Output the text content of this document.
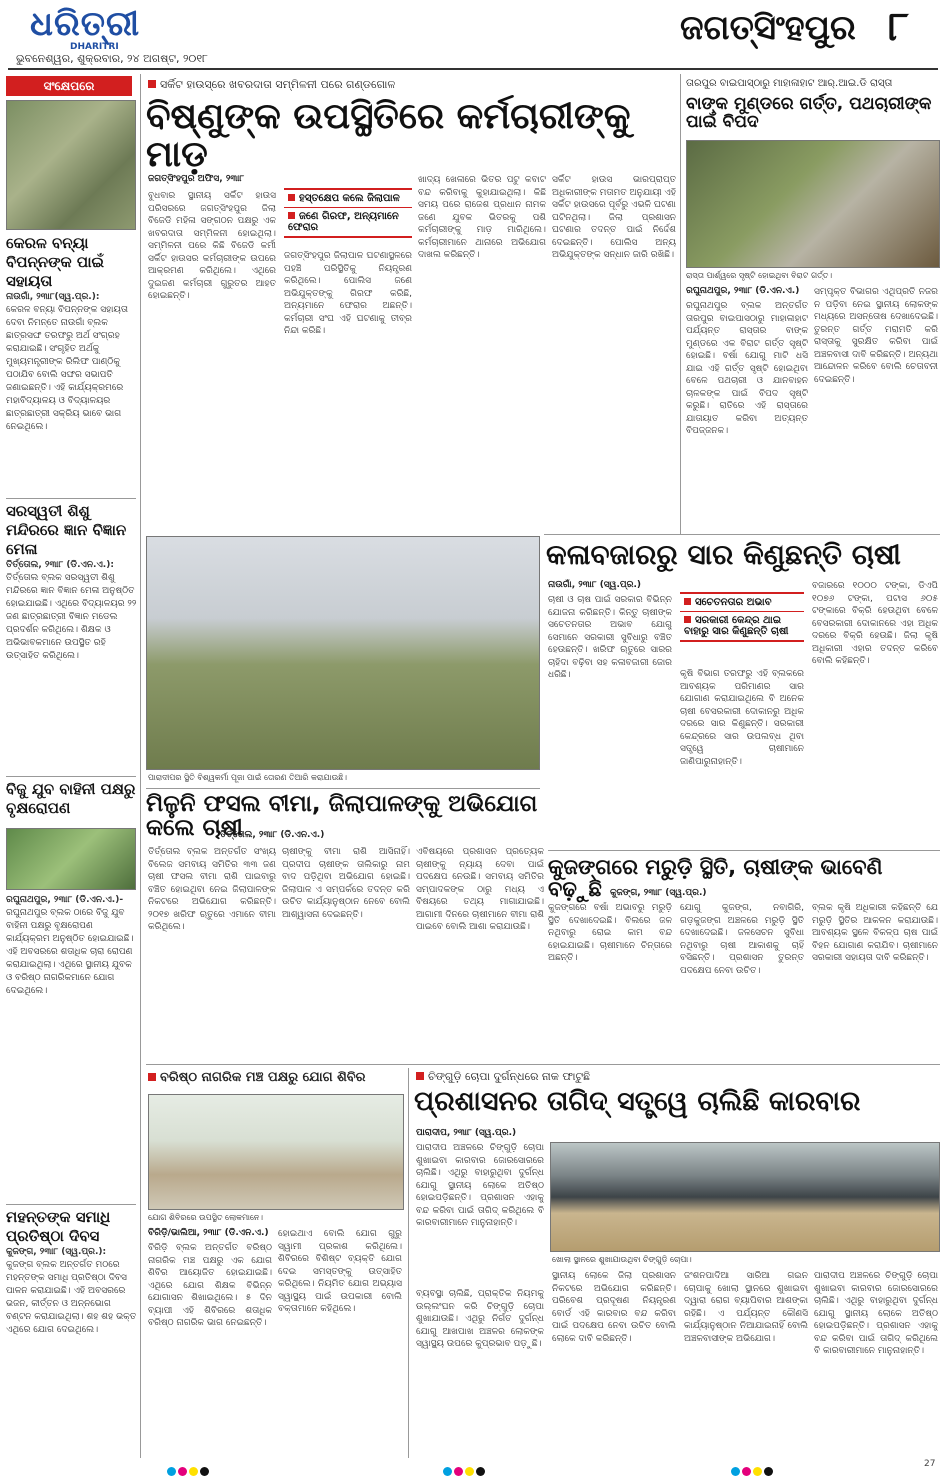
ଧରିତ୍ରୀ
DHARITRI
ଭୁବନେଶ୍ୱର, ଶୁକ୍ରବାର, ୨୪ ଅଗଷ୍ଟ, ୨୦୧୮
ଜଗତ୍‌ସିଂହପୁର ୮
ସଂକ୍ଷେପରେ
କେରଳ ବନ୍ୟା ବିପନ୍ନଙ୍କ ପାଇଁ ସହାୟତା
ନାଉଗାଁ, ୨୩ା୮(ସ୍ୱ.ପ୍ର.):
କେରଳ ବନ୍ୟା ବିପନ୍ନଙ୍କ ସହାୟତା ଦେବା ନିମନ୍ତେ ନାଉଗାଁ ବ୍ଲକ ଛାତ୍ରସଙ୍ଘ ତରଫରୁ ଅର୍ଥ ସଂଗ୍ରହ କରାଯାଇଛି। ସଂଗୃହିତ ଅର୍ଥକୁ ମୁଖ୍ୟମନ୍ତ୍ରୀଙ୍କ ରିଲିଫ ପାଣ୍ଠିକୁ ପଠାଯିବ ବୋଲି ସଙ୍ଘର ସଭାପତି ଜଣାଇଛନ୍ତି। ଏହି କାର୍ଯ୍ୟକ୍ରମରେ ମହାବିଦ୍ୟାଳୟ ଓ ବିଦ୍ୟାଳୟର ଛାତ୍ରଛାତ୍ରୀ ସକ୍ରିୟ ଭାବେ ଭାଗ ନେଇଥିଲେ।
ସରସ୍ୱତୀ ଶିଶୁ ମନ୍ଦିରରେ ଜ୍ଞାନ ବିଜ୍ଞାନ ମେଳା
ତିର୍ତ୍ତୋଲ, ୨୩ା୮ (ଡି.ଏନ.ଏ.):
ତିର୍ତ୍ତୋଲ ବ୍ଲକ ସରସ୍ୱତୀ ଶିଶୁ ମନ୍ଦିରରେ ଜ୍ଞାନ ବିଜ୍ଞାନ ମେଳା ଅନୁଷ୍ଠିତ ହୋଇଯାଇଛି। ଏଥିରେ ବିଦ୍ୟାଳୟର ୨୨ ଜଣ ଛାତ୍ରଛାତ୍ରୀ ବିଜ୍ଞାନ ମଡେଲ ପ୍ରଦର୍ଶନ କରିଥିଲେ। ଶିକ୍ଷକ ଓ ଅଭିଭାବକମାନେ ଉପସ୍ଥିତ ରହି ଉତ୍ସାହିତ କରିଥିଲେ।
ବିଜୁ ଯୁବ ବାହିନୀ ପକ୍ଷରୁ ବୃକ୍ଷରୋପଣ
ରଘୁନାଥପୁର, ୨୩ା୮ (ଡି.ଏନ.ଏ.)-
ରଘୁନାଥପୁର ବ୍ଲକ ଠାରେ ବିଜୁ ଯୁବ ବାହିନୀ ପକ୍ଷରୁ ବୃକ୍ଷରୋପଣ କାର୍ଯ୍ୟକ୍ରମ ଅନୁଷ୍ଠିତ ହୋଇଯାଇଛି। ଏହି ଅବସରରେ ଶତାଧିକ ଚାରା ରୋପଣ କରାଯାଇଥିଲା। ଏଥିରେ ସ୍ଥାନୀୟ ଯୁବକ ଓ ବରିଷ୍ଠ ନାଗରିକମାନେ ଯୋଗ ଦେଇଥିଲେ।
ମହନ୍ତଙ୍କ ସମାଧି ପ୍ରତିଷ୍ଠା ଦିବସ
କୁଜଙ୍ଗ, ୨୩ା୮ (ସ୍ୱ.ପ୍ର.):
କୁଜଙ୍ଗ ବ୍ଲକ ଅନ୍ତର୍ଗତ ମଠରେ ମହନ୍ତଙ୍କ ସମାଧି ପ୍ରତିଷ୍ଠା ଦିବସ ପାଳନ କରାଯାଇଛି। ଏହି ଅବସରରେ ଭଜନ, କୀର୍ତ୍ତନ ଓ ଅନ୍ନଭୋଗ ବଣ୍ଟନ କରାଯାଇଥିଲା। ଶହ ଶହ ଭକ୍ତ ଏଥିରେ ଯୋଗ ଦେଇଥିଲେ।
ସର୍କିଟ ହାଉସ୍‌ରେ ଖବରଦାତା ସମ୍ମିଳନୀ ପରେ ଗଣ୍ଡଗୋଳ
ବିଷ୍ଣୁଙ୍କ ଉପସ୍ଥିତିରେ କର୍ମଚାରୀଙ୍କୁ ମାଡ଼
ଜଗତ୍‌ସିଂହପୁର ଅଫିସ, ୨୩ା୮
ବୁଧବାର ସ୍ଥାନୀୟ ସର୍କିଟ ହାଉସ ପରିସରରେ ଜଗତ୍‌ସିଂହପୁର ଜିଲା ବିଜେଡି ମହିଳା ସଙ୍ଗଠନ ପକ୍ଷରୁ ଏକ ଖବରଦାତା ସମ୍ମିଳନୀ ହୋଇଥିଲା। ସମ୍ମିଳନୀ ପରେ କିଛି ବିଜେଡି କର୍ମୀ ସର୍କିଟ ହାଉସର କର୍ମଚାରୀଙ୍କ ଉପରେ ଆକ୍ରମଣ କରିଥିଲେ। ଏଥିରେ ଦୁଇଜଣ କର୍ମଚାରୀ ଗୁରୁତର ଆହତ ହୋଇଛନ୍ତି।
ହସ୍ତକ୍ଷେପ କଲେ ଜିଲାପାଳ
ଜଣେ ଗିରଫ, ଅନ୍ୟମାନେ ଫେରାର
ଜଗତ୍‌ସିଂହପୁର ଜିଲାପାଳ ଘଟଣାସ୍ଥଳରେ ପହଞ୍ଚି ପରିସ୍ଥିତିକୁ ନିୟନ୍ତ୍ରଣ କରିଥିଲେ। ପୋଲିସ ଜଣେ ଅଭିଯୁକ୍ତଙ୍କୁ ଗିରଫ କରିଛି, ଅନ୍ୟମାନେ ଫେରାର ଅଛନ୍ତି। କର୍ମଚାରୀ ସଂଘ ଏହି ଘଟଣାକୁ ତୀବ୍ର ନିନ୍ଦା କରିଛି।
ଖାଦ୍ୟ ଖେଳାରେ ଭିତର ପଟୁ କବାଟ ବନ୍ଦ କରିବାକୁ କୁହାଯାଇଥିଲା। କିଛି ସମୟ ପରେ ରାଜେଶ ପ୍ରଧାନ ନାମକ ଜଣେ ଯୁବକ ଭିତରକୁ ପଶି କର୍ମଚାରୀଙ୍କୁ ମାଡ଼ ମାରିଥିଲେ। କର୍ମଚାରୀମାନେ ଥାନାରେ ଅଭିଯୋଗ ଦାଖଲ କରିଛନ୍ତି।
ସର୍କିଟ ହାଉସ ଭାରପ୍ରାପ୍ତ ଅଧିକାରୀଙ୍କ ମତାମତ ଅନୁଯାୟୀ ଏହି ସର୍କିଟ ହାଉସରେ ପୂର୍ବରୁ ଏଭଳି ଘଟଣା ଘଟିନଥିଲା। ଜିଲା ପ୍ରଶାସନ ଘଟଣାର ତଦନ୍ତ ପାଇଁ ନିର୍ଦ୍ଦେଶ ଦେଇଛନ୍ତି। ପୋଲିସ ଅନ୍ୟ ଅଭିଯୁକ୍ତଙ୍କ ସନ୍ଧାନ ଜାରି ରଖିଛି।
ପାରାଦୀପର ସ୍ଥିତି ବିଶ୍ୱକର୍ମା ପୂଜା ପାଇଁ ତୋରଣ ତିଆରି କରାଯାଉଛି।
ତାରପୁର ବାଇପାସ୍‌ଠାରୁ ମାହାଳାହାଟ ଆର୍.ଆଇ.ଡି ରାସ୍ତା
ବାଙ୍କ ମୁଣ୍ଡରେ ଗର୍ତ୍ତ, ପଥଚାରୀଙ୍କ ପାଇଁ ବିପଦ
ରାସ୍ତା ପାର୍ଶ୍ୱରେ ସୃଷ୍ଟି ହୋଇଥିବା ବିରାଟ ଗର୍ତ୍ତ।
ରଘୁନାଥପୁର, ୨୩ା୮ (ଡି.ଏନ.ଏ.)
ରଘୁନାଥପୁର ବ୍ଲକ ଅନ୍ତର୍ଗତ ତାରପୁର ବାଇପାସଠାରୁ ମାହାଳାହାଟ ପର୍ଯ୍ୟନ୍ତ ରାସ୍ତାର ବାଙ୍କ ମୁଣ୍ଡରେ ଏକ ବିରାଟ ଗର୍ତ୍ତ ସୃଷ୍ଟି ହୋଇଛି। ବର୍ଷା ଯୋଗୁ ମାଟି ଧସି ଯାଇ ଏହି ଗର୍ତ୍ତ ସୃଷ୍ଟି ହୋଇଥିବା ବେଳେ ପଥଚାରୀ ଓ ଯାନବାହନ ଚାଳକଙ୍କ ପାଇଁ ବିପଦ ସୃଷ୍ଟି କରୁଛି। ରାତିରେ ଏହି ରାସ୍ତାରେ ଯାତାୟାତ କରିବା ଅତ୍ୟନ୍ତ ବିପଜ୍ଜନକ।
ସମ୍ପୃକ୍ତ ବିଭାଗର ଏଥିପ୍ରତି ନଜର ନ ପଡ଼ିବା ନେଇ ସ୍ଥାନୀୟ ଲୋକଙ୍କ ମଧ୍ୟରେ ଅସନ୍ତୋଷ ଦେଖାଦେଇଛି। ତୁରନ୍ତ ଗର୍ତ୍ତ ମରାମତି କରି ରାସ୍ତାକୁ ସୁରକ୍ଷିତ କରିବା ପାଇଁ ଅଞ୍ଚଳବାସୀ ଦାବି କରିଛନ୍ତି। ଅନ୍ୟଥା ଆନ୍ଦୋଳନ କରିବେ ବୋଲି ଚେତାବନୀ ଦେଇଛନ୍ତି।
କଳାବଜାରରୁ ସାର କିଣୁଛନ୍ତି ଚାଷୀ
ନାଉଗାଁ, ୨୩ା୮ (ସ୍ୱ.ପ୍ର.)
ଚାଷୀ ଓ ଚାଷ ପାଇଁ ସରକାର ବିଭିନ୍ନ ଯୋଜନା କରିଛନ୍ତି। କିନ୍ତୁ ଚାଷୀଙ୍କ ସଚେତନତାର ଅଭାବ ଯୋଗୁ ସେମାନେ ସରକାରୀ ସୁବିଧାରୁ ବଞ୍ଚିତ ହେଉଛନ୍ତି। ଖରିଫ ଋତୁରେ ସାରର ଚାହିଦା ବଢ଼ିବା ସହ କଳାବଜାରୀ ଜୋର ଧରିଛି।
ସଚେତନତାର ଅଭାବ
ସରକାରୀ କେନ୍ଦ୍ର ଥାଇ ବାହାରୁ ସାର କିଣୁଛନ୍ତି ଚାଷୀ
କୃଷି ବିଭାଗ ତରଫରୁ ଏହି ବ୍ଲକରେ ଆବଶ୍ୟକ ପରିମାଣର ସାର ଯୋଗାଣ କରାଯାଇଥିଲେ ବି ଅନେକ ଚାଷୀ ବେସରକାରୀ ଦୋକାନରୁ ଅଧିକ ଦରରେ ସାର କିଣୁଛନ୍ତି। ସରକାରୀ କେନ୍ଦ୍ରରେ ସାର ଉପଲବ୍ଧ ଥିବା ସତ୍ତ୍ୱେ ଚାଷୀମାନେ ଜାଣିପାରୁନାହାନ୍ତି।
ବଜାରରେ ୧୦୦୦ ଟଙ୍କା, ଡିଏପି ୧୦୭୬ ଟଙ୍କା, ପଟାସ ୬୦୫ ଟଙ୍କାରେ ବିକ୍ରି ହେଉଥିବା ବେଳେ ବେସରକାରୀ ଦୋକାନରେ ଏହା ଅଧିକ ଦରରେ ବିକ୍ରି ହେଉଛି। ଜିଲା କୃଷି ଅଧିକାରୀ ଏହାର ତଦନ୍ତ କରିବେ ବୋଲି କହିଛନ୍ତି।
ମିଳୁନି ଫସଲ ବୀମା, ଜିଲାପାଳଙ୍କୁ ଅଭିଯୋଗ କଲେ ଚାଷୀ
ତିର୍ତ୍ତୋଲ, ୨୩ା୮ (ଡି.ଏନ.ଏ.)
ତିର୍ତ୍ତୋଲ ବ୍ଲକ ଅନ୍ତର୍ଗତ ସଂଖ୍ୟ ବିଲେଜ ସମବାୟ ସମିତିର ୩୩ ଜଣ ଚାଷୀ ଫସଲ ବୀମା ରାଶି ପାଇବାରୁ ବଞ୍ଚିତ ହୋଇଥିବା ନେଇ ଜିଲାପାଳଙ୍କ ନିକଟରେ ଅଭିଯୋଗ କରିଛନ୍ତି। ୨୦୧୭ ଖରିଫ ଋତୁରେ ଏମାନେ ବୀମା କରିଥିଲେ।
ଚାଷୀଙ୍କୁ ବୀମା ରାଶି ଆସିନାହିଁ। ପ୍ରଦୀପ ଚାଷୀଙ୍କ ତାଲିକାରୁ ନାମ ବାଦ ପଡ଼ିଥିବା ଅଭିଯୋଗ ହୋଇଛି। ଜିଲାପାଳ ଏ ସମ୍ପର୍କରେ ତଦନ୍ତ କରି ଉଚିତ କାର୍ଯ୍ୟାନୁଷ୍ଠାନ ନେବେ ବୋଲି ଆଶ୍ୱାସନା ଦେଇଛନ୍ତି।
ଏବିଷୟରେ ପ୍ରଶାସନ ପ୍ରତ୍ୟେକ ଚାଷୀଙ୍କୁ ନ୍ୟାୟ ଦେବା ପାଇଁ ପଦକ୍ଷେପ ନେଉଛି। ସମବାୟ ସମିତିର ସମ୍ପାଦକଙ୍କ ଠାରୁ ମଧ୍ୟ ଏ ବିଷୟରେ ତଥ୍ୟ ମାଗାଯାଇଛି। ଆଗାମୀ ଦିନରେ ଚାଷୀମାନେ ବୀମା ରାଶି ପାଇବେ ବୋଲି ଆଶା କରାଯାଉଛି।
କୁଜଙ୍ଗରେ ମରୁଡ଼ି ସ୍ଥିତି, ଚାଷୀଙ୍କ ଭାବେଣି ବଢ଼ୁଛି କୁଜଙ୍ଗ, ୨୩ା୮ (ସ୍ୱ.ପ୍ର.)
କୁଜଙ୍ଗରେ ବର୍ଷା ଅଭାବରୁ ମରୁଡ଼ି ସ୍ଥିତି ଦେଖାଦେଇଛି। ବିଲରେ ଜଳ ନଥିବାରୁ ରୋଇ କାମ ବନ୍ଦ ହୋଇଯାଇଛି। ଚାଷୀମାନେ ଚିନ୍ତାରେ ଅଛନ୍ତି।
ଯୋଗୁ କୁଜଙ୍ଗ, ନବାଗିରି, ଗଡ଼କୁଜଙ୍ଗ ଅଞ୍ଚଳରେ ମରୁଡ଼ି ସ୍ଥିତି ଦେଖାଦେଇଛି। ଜଳସେଚନ ସୁବିଧା ନଥିବାରୁ ଚାଷୀ ଆକାଶକୁ ଚାହିଁ ବସିଛନ୍ତି। ପ୍ରଶାସନ ତୁରନ୍ତ ପଦକ୍ଷେପ ନେବା ଉଚିତ।
ବ୍ଲକ କୃଷି ଅଧିକାରୀ କହିଛନ୍ତି ଯେ ମରୁଡ଼ି ସ୍ଥିତିର ଆକଳନ କରାଯାଉଛି। ଆବଶ୍ୟକ ସ୍ଥଳେ ବିକଳ୍ପ ଚାଷ ପାଇଁ ବିହନ ଯୋଗାଣ କରାଯିବ। ଚାଷୀମାନେ ସରକାରୀ ସହାୟତା ଦାବି କରିଛନ୍ତି।
ବରିଷ୍ଠ ନାଗରିକ ମଞ୍ଚ ପକ୍ଷରୁ ଯୋଗ ଶିବିର
ଯୋଗ ଶିବିରରେ ଉପସ୍ଥିତ ଲୋକମାନେ।
ବିରିଡ଼ି/ଭାଲିଆ, ୨୩ା୮ (ଡି.ଏନ.ଏ.)
ବିରିଡ଼ି ବ୍ଲକ ଅନ୍ତର୍ଗତ ବରିଷ୍ଠ ନାଗରିକ ମଞ୍ଚ ପକ୍ଷରୁ ଏକ ଯୋଗ ଶିବିର ଆୟୋଜିତ ହୋଇଯାଇଛି। ଏଥିରେ ଯୋଗ ଶିକ୍ଷକ ବିଭିନ୍ନ ଯୋଗାସନ ଶିଖାଇଥିଲେ। ୫ ଦିନ ବ୍ୟାପୀ ଏହି ଶିବିରରେ ଶତାଧିକ ବରିଷ୍ଠ ନାଗରିକ ଭାଗ ନେଇଛନ୍ତି।
ହୋଇଥାଏ ବୋଲି ଯୋଗ ଗୁରୁ ସ୍ୱାମୀ ପ୍ରକାଶ କରିଥିଲେ। ଶିବିରରେ ବିଶିଷ୍ଟ ବ୍ୟକ୍ତି ଯୋଗ ଦେଇ ସମସ୍ତଙ୍କୁ ଉତ୍ସାହିତ କରିଥିଲେ। ନିୟମିତ ଯୋଗ ଅଭ୍ୟାସ ସ୍ୱାସ୍ଥ୍ୟ ପାଇଁ ଉପକାରୀ ବୋଲି ବକ୍ତାମାନେ କହିଥିଲେ।
ଚିଙ୍ଗୁଡ଼ି ଚୋପା ଦୁର୍ଗନ୍ଧରେ ନାକ ଫାଟୁଛି
ପ୍ରଶାସନର ତାଗିଦ୍ ସତ୍ତ୍ୱେ ଚାଲିଛି କାରବାର
ପାରାଦୀପ, ୨୩ା୮ (ସ୍ୱ.ପ୍ର.)
ପାରାଦୀପ ଅଞ୍ଚଳରେ ଚିଙ୍ଗୁଡ଼ି ଚୋପା ଶୁଖାଇବା କାରବାର ଜୋରସୋରରେ ଚାଲିଛି। ଏଥିରୁ ବାହାରୁଥିବା ଦୁର୍ଗନ୍ଧ ଯୋଗୁ ସ୍ଥାନୀୟ ଲୋକେ ଅତିଷ୍ଠ ହୋଇପଡ଼ିଛନ୍ତି। ପ୍ରଶାସନ ଏହାକୁ ବନ୍ଦ କରିବା ପାଇଁ ତାଗିଦ୍ କରିଥିଲେ ବି କାରବାରୀମାନେ ମାନୁନାହାନ୍ତି।
ଖୋଲା ସ୍ଥାନରେ ଶୁଖାଯାଉଥିବା ଚିଙ୍ଗୁଡ଼ି ଚୋପା।
ବ୍ୟବସ୍ଥା ଚାଲିଛି, ପ୍ରାକ୍ତିକ ନିୟମକୁ ଉଲ୍ଲଂଘନ କରି ଚିଙ୍ଗୁଡ଼ି ଚୋପା ଶୁଖାଯାଉଛି। ଏଥିରୁ ନିର୍ଗତ ଦୁର୍ଗନ୍ଧ ଯୋଗୁ ଆଖପାଖ ଅଞ୍ଚଳର ଲୋକଙ୍କ ସ୍ୱାସ୍ଥ୍ୟ ଉପରେ କୁପ୍ରଭାବ ପଡ଼ୁଛି।
ସ୍ଥାନୀୟ ଲୋକେ ଜିଲା ପ୍ରଶାସନ ନିକଟରେ ଅଭିଯୋଗ କରିଛନ୍ତି। ପରିବେଶ ପ୍ରଦୂଷଣ ନିୟନ୍ତ୍ରଣ ବୋର୍ଡ ଏହି କାରବାର ବନ୍ଦ କରିବା ପାଇଁ ପଦକ୍ଷେପ ନେବା ଉଚିତ ବୋଲି ଲୋକେ ଦାବି କରିଛନ୍ତି।
ଜଂଶନପାଦିଆ ସାରିଆ ଗଇନ ଚୋପାକୁ ଖୋଲା ସ୍ଥାନରେ ଶୁଖାଇବା ଦ୍ୱାରା ରୋଗ ବ୍ୟାପିବାର ଆଶଙ୍କା ରହିଛି। ଏ ପର୍ଯ୍ୟନ୍ତ କୌଣସି କାର୍ଯ୍ୟାନୁଷ୍ଠାନ ନିଆଯାଇନାହିଁ ବୋଲି ଅଞ୍ଚଳବାସୀଙ୍କ ଅଭିଯୋଗ।
ପାରାଦୀପ ଅଞ୍ଚଳରେ ଚିଙ୍ଗୁଡ଼ି ଚୋପା ଶୁଖାଇବା କାରବାର ଜୋରସୋରରେ ଚାଲିଛି। ଏଥିରୁ ବାହାରୁଥିବା ଦୁର୍ଗନ୍ଧ ଯୋଗୁ ସ୍ଥାନୀୟ ଲୋକେ ଅତିଷ୍ଠ ହୋଇପଡ଼ିଛନ୍ତି। ପ୍ରଶାସନ ଏହାକୁ ବନ୍ଦ କରିବା ପାଇଁ ତାଗିଦ୍ କରିଥିଲେ ବି କାରବାରୀମାନେ ମାନୁନାହାନ୍ତି।
27
